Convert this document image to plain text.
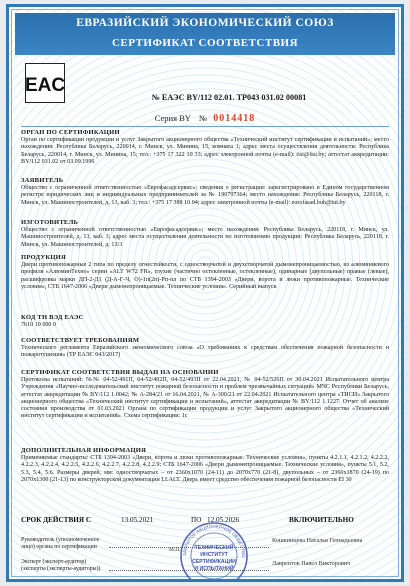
ЕВРАЗИЙСКИЙ ЭКОНОМИЧЕСКИЙ СОЮЗ
СЕРТИФИКАТ СООТВЕТСТВИЯ
EAC
№ ЕАЭС BY/112 02.01. ТР043 031.02 00081
Серия BY № 0014418
ОРГАН ПО СЕРТИФИКАЦИИ
Орган по сертификации продукции и услуг Закрытого акционерного общества «Технический институт сертификации и испытаний»; место нахождения: Республика Беларусь, 220014, г. Минск, ул. Минина, 15, комната 1; адрес места осуществления деятельности: Республика Беларусь, 220014, г. Минск, ул. Минина, 15; тел.: +375 17 322 10 33; адрес электронной почты (e-mail): tisi@tisi.by; аттестат аккредитации: BY/112 031.02 от 03.09.1996
ЗАЯВИТЕЛЬ
Общество с ограниченной ответственностью «Еврофасадсервис»; сведения о регистрации: зарегистрировано в Едином государственном регистре юридических лиц и индивидуальных предпринимателей за № 190797364; место нахождения: Республика Беларусь, 220118, г. Минск, ул. Машиностроителей, д. 13, каб. 3; тел.: +375 17 388 10 04; адрес электронной почты (e-mail): eurofasad.buh@tut.by
ИЗГОТОВИТЕЛЬ
Общество с ограниченной ответственностью «Еврофасадсервис»; место нахождения: Республика Беларусь, 220118, г. Минск, ул. Машиностроителей, д. 13, каб. 3; адрес места осуществления деятельности по изготовлению продукции: Республика Беларусь, 220118, г. Минск, ул. Машиностроителей, д. 13/3
ПРОДУКЦИЯ
Двери противопожарные 2 типа по пределу огнестойкости, с одностворчатой и двухстворчатой дымонепроницаемостью, из алюминиевого профиля «АлюминТехно» серии «ALT W72 FR», глухие (частично остекленные, остекленные), одинарные (двупольные) правые (левые), расшифровка марки ДП-2-Д1 (Д-А-Г-Ч, О)-1п(2п)-Рп-пл по СТБ 1394-2003 «Двери, ворота и люки противопожарные. Технические условия», СТБ 1647-2006 «Двери дымонепроницаемые. Технические условия». Серийный выпуск
КОД ТН ВЭД ЕАЭС
7610 10 000 0
СООТВЕТСТВУЕТ ТРЕБОВАНИЯМ
Технического регламента Евразийского экономического союза «О требованиях к средствам обеспечения пожарной безопасности и пожаротушения» (ТР ЕАЭС 043/2017)
СЕРТИФИКАТ СООТВЕТСТВИЯ ВЫДАН НА ОСНОВАНИИ
Протоколы испытаний: №№ 04-52/491П, 04-52/492П, 04-52/493П от 22.04.2021, № 04-52/526П от 30.04.2021 Испытательного центра Учреждения «Научно-исследовательский институт пожарной безопасности и проблем чрезвычайных ситуаций» МЧС Республики Беларусь, аттестат аккредитации № BY/112 1.0042; № А-284/21 от 16.04.2021, № А-300/21 от 22.04.2021 Испытательного центра «ТИСИ» Закрытого акционерного общества «Технический институт сертификации и испытаний», аттестат аккредитации № BY/112 1.1227. Отчет об анализе состояния производства от 01.03.2021 Органа по сертификации продукции и услуг Закрытого акционерного общества «Технический институт сертификации и испытаний». Схема сертификации: 1с
ДОПОЛНИТЕЛЬНАЯ ИНФОРМАЦИЯ
Применяемые стандарты: СТБ 1394-2003 «Двери, ворота и люки противопожарные. Технические условия», пункты 4.2.1.1, 4.2.1.2, 4.2.2.2, 4.2.2.3, 4.2.2.4, 4.2.2.5, 4.2.2.6, 4.2.2.7, 4.2.2.8, 4.2.2.9; СТБ 1647-2006 «Двери дымонепроницаемые. Технические условия», пункты 5.1, 5.2, 5.3, 5.4, 5.6. Размеры дверей, мм: одностворчатых – от 2360х1070 (24-11) до 2070х770 (21-8), двупольных – от 2360х1870 (24-19) по 2070х1300 (21-13) по конструкторской документации LI.ALT. Дверь имеет средство обеспечения пожарной безопасности EI 30
СРОК ДЕЙСТВИЯ С	13.05.2021	ПО 12.05.2026	ВКЛЮЧИТЕЛЬНО
Руководитель (уполномоченное
лицо) органа по сертификации
Кошкинцева Наталья Геннадьевна
Эксперт (эксперт-аудитор)
(эксперты (эксперты-аудиторы))
Лаврентов Павел Викторович
М.П.
ЗАКРЫТОЕ АКЦИОНЕРНОЕ ОБЩЕСТВО
ТЕХНИЧЕСКИЙ
ИНСТИТУТ
СЕРТИФИКАЦИИ
И ИСПЫТАНИЙ
